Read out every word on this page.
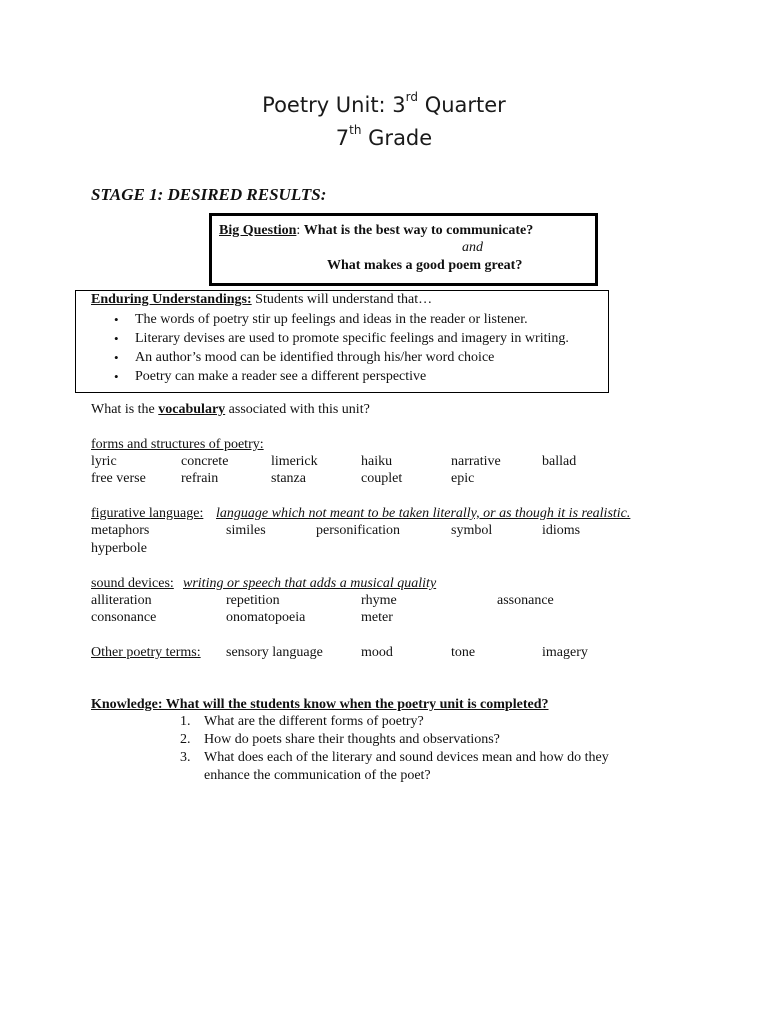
Poetry Unit: 3rd Quarter
7th Grade
STAGE 1: DESIRED RESULTS:
Big Question: What is the best way to communicate?
and
What makes a good poem great?
Enduring Understandings: Students will understand that…
• The words of poetry stir up feelings and ideas in the reader or listener.
• Literary devises are used to promote specific feelings and imagery in writing.
• An author’s mood can be identified through his/her word choice
• Poetry can make a reader see a different perspective
What is the vocabulary associated with this unit?
forms and structures of poetry:
lyric	concrete	limerick	haiku	narrative	ballad
free verse	refrain	stanza	couplet	epic
figurative language: language which not meant to be taken literally, or as though it is realistic.
metaphors	similes	personification	symbol	idioms
hyperbole
sound devices: writing or speech that adds a musical quality
alliteration	repetition	rhyme	assonance
consonance	onomatopoeia	meter
Other poetry terms: sensory language	mood	tone	imagery
Knowledge: What will the students know when the poetry unit is completed?
1. What are the different forms of poetry?
2. How do poets share their thoughts and observations?
3. What does each of the literary and sound devices mean and how do they enhance the communication of the poet?
